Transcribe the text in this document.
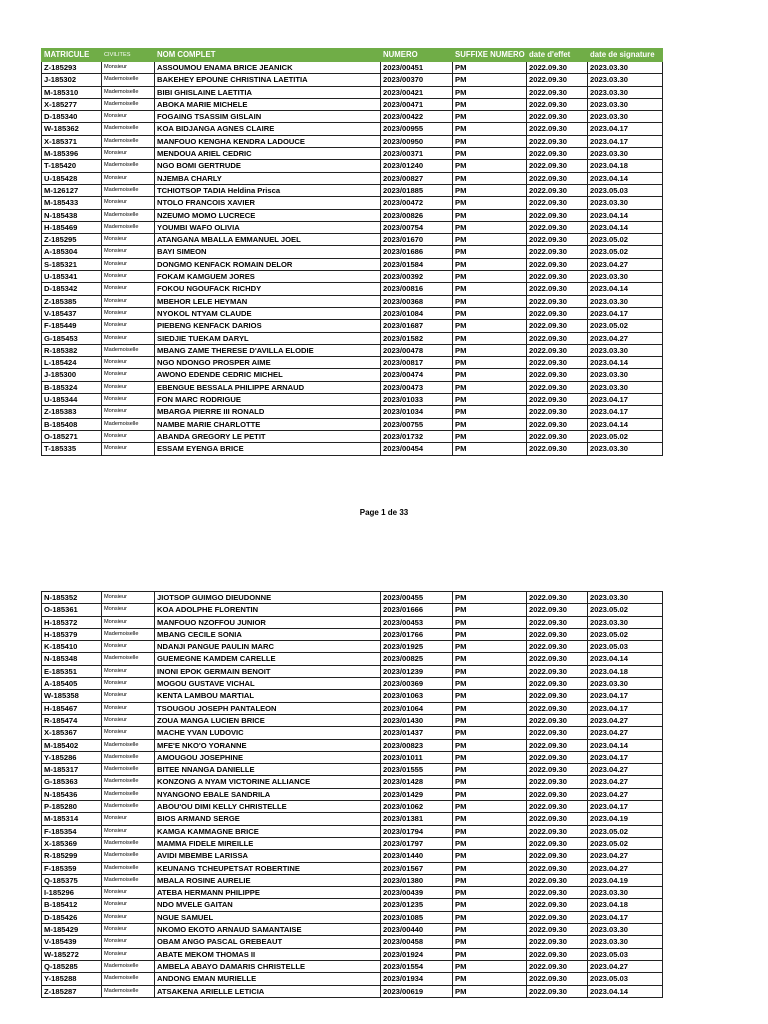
MATRICULE	CIVILITES	NOM COMPLET	NUMERO	SUFFIXE NUMERO	date d'effet	date de signature
Z-185293	Monsieur	ASSOUMOU ENAMA BRICE JEANICK	2023/00451	PM	2022.09.30	2023.03.30
J-185302	Mademoiselle	BAKEHEY EPOUNE CHRISTINA LAETITIA	2023/00370	PM	2022.09.30	2023.03.30
M-185310	Mademoiselle	BIBI GHISLAINE LAETITIA	2023/00421	PM	2022.09.30	2023.03.30
X-185277	Mademoiselle	ABOKA MARIE MICHELE	2023/00471	PM	2022.09.30	2023.03.30
D-185340	Monsieur	FOGAING TSASSIM GISLAIN	2023/00422	PM	2022.09.30	2023.03.30
W-185362	Mademoiselle	KOA BIDJANGA AGNES CLAIRE	2023/00955	PM	2022.09.30	2023.04.17
X-185371	Mademoiselle	MANFOUO KENGHA KENDRA LADOUCE	2023/00950	PM	2022.09.30	2023.04.17
M-185396	Monsieur	MENDOUA ARIEL CEDRIC	2023/00371	PM	2022.09.30	2023.03.30
T-185420	Mademoiselle	NGO BOMI GERTRUDE	2023/01240	PM	2022.09.30	2023.04.18
U-185428	Monsieur	NJEMBA CHARLY	2023/00827	PM	2022.09.30	2023.04.14
M-126127	Mademoiselle	TCHIOTSOP TADIA Heldina Prisca	2023/01885	PM	2022.09.30	2023.05.03
M-185433	Monsieur	NTOLO FRANCOIS XAVIER	2023/00472	PM	2022.09.30	2023.03.30
N-185438	Mademoiselle	NZEUMO MOMO LUCRECE	2023/00826	PM	2022.09.30	2023.04.14
H-185469	Mademoiselle	YOUMBI WAFO OLIVIA	2023/00754	PM	2022.09.30	2023.04.14
Z-185295	Monsieur	ATANGANA MBALLA EMMANUEL JOEL	2023/01670	PM	2022.09.30	2023.05.02
A-185304	Monsieur	BAYI SIMEON	2023/01686	PM	2022.09.30	2023.05.02
S-185321	Monsieur	DONGMO KENFACK ROMAIN DELOR	2023/01584	PM	2022.09.30	2023.04.27
U-185341	Monsieur	FOKAM KAMGUEM JORES	2023/00392	PM	2022.09.30	2023.03.30
D-185342	Monsieur	FOKOU NGOUFACK RICHDY	2023/00816	PM	2022.09.30	2023.04.14
Z-185385	Monsieur	MBEHOR LELE HEYMAN	2023/00368	PM	2022.09.30	2023.03.30
V-185437	Monsieur	NYOKOL NTYAM CLAUDE	2023/01084	PM	2022.09.30	2023.04.17
F-185449	Monsieur	PIEBENG KENFACK DARIOS	2023/01687	PM	2022.09.30	2023.05.02
G-185453	Monsieur	SIEDJIE TUEKAM DARYL	2023/01582	PM	2022.09.30	2023.04.27
R-185382	Mademoiselle	MBANG ZAME THERESE D'AVILLA ELODIE	2023/00478	PM	2022.09.30	2023.03.30
L-185424	Monsieur	NGO NDONGO PROSPER AIME	2023/00817	PM	2022.09.30	2023.04.14
J-185300	Monsieur	AWONO EDENDE CEDRIC MICHEL	2023/00474	PM	2022.09.30	2023.03.30
B-185324	Monsieur	EBENGUE BESSALA PHILIPPE ARNAUD	2023/00473	PM	2022.09.30	2023.03.30
U-185344	Monsieur	FON MARC RODRIGUE	2023/01033	PM	2022.09.30	2023.04.17
Z-185383	Monsieur	MBARGA PIERRE III RONALD	2023/01034	PM	2022.09.30	2023.04.17
B-185408	Mademoiselle	NAMBE MARIE CHARLOTTE	2023/00755	PM	2022.09.30	2023.04.14
O-185271	Monsieur	ABANDA GREGORY LE PETIT	2023/01732	PM	2022.09.30	2023.05.02
T-185335	Monsieur	ESSAM EYENGA BRICE	2023/00454	PM	2022.09.30	2023.03.30
Page 1 de 33
N-185352	Monsieur	JIOTSOP GUIMGO DIEUDONNE	2023/00455	PM	2022.09.30	2023.03.30
O-185361	Monsieur	KOA ADOLPHE FLORENTIN	2023/01666	PM	2022.09.30	2023.05.02
H-185372	Monsieur	MANFOUO NZOFFOU JUNIOR	2023/00453	PM	2022.09.30	2023.03.30
H-185379	Mademoiselle	MBANG CECILE SONIA	2023/01766	PM	2022.09.30	2023.05.02
K-185410	Monsieur	NDANJI PANGUE PAULIN MARC	2023/01925	PM	2022.09.30	2023.05.03
N-185348	Mademoiselle	GUEMEGNE KAMDEM CARELLE	2023/00825	PM	2022.09.30	2023.04.14
E-185351	Monsieur	INONI EPOK GERMAIN BENOIT	2023/01239	PM	2022.09.30	2023.04.18
A-185405	Monsieur	MOGOU GUSTAVE VICHAL	2023/00369	PM	2022.09.30	2023.03.30
W-185358	Monsieur	KENTA LAMBOU MARTIAL	2023/01063	PM	2022.09.30	2023.04.17
H-185467	Monsieur	TSOUGOU JOSEPH PANTALEON	2023/01064	PM	2022.09.30	2023.04.17
R-185474	Monsieur	ZOUA MANGA LUCIEN BRICE	2023/01430	PM	2022.09.30	2023.04.27
X-185367	Monsieur	MACHE YVAN LUDOVIC	2023/01437	PM	2022.09.30	2023.04.27
M-185402	Mademoiselle	MFE'E NKO'O YORANNE	2023/00823	PM	2022.09.30	2023.04.14
Y-185286	Mademoiselle	AMOUGOU JOSEPHINE	2023/01011	PM	2022.09.30	2023.04.17
M-185317	Mademoiselle	BITEE NNANGA DANIELLE	2023/01555	PM	2022.09.30	2023.04.27
G-185363	Mademoiselle	KONZONG A NYAM VICTORINE ALLIANCE	2023/01428	PM	2022.09.30	2023.04.27
N-185436	Mademoiselle	NYANGONO EBALE SANDRILA	2023/01429	PM	2022.09.30	2023.04.27
P-185280	Mademoiselle	ABOU'OU DIMI KELLY CHRISTELLE	2023/01062	PM	2022.09.30	2023.04.17
M-185314	Monsieur	BIOS ARMAND SERGE	2023/01381	PM	2022.09.30	2023.04.19
F-185354	Monsieur	KAMGA KAMMAGNE BRICE	2023/01794	PM	2022.09.30	2023.05.02
X-185369	Mademoiselle	MAMMA FIDELE MIREILLE	2023/01797	PM	2022.09.30	2023.05.02
R-185299	Mademoiselle	AVIDI MBEMBE LARISSA	2023/01440	PM	2022.09.30	2023.04.27
F-185359	Mademoiselle	KEUNANG TCHEUPETSAT ROBERTINE	2023/01567	PM	2022.09.30	2023.04.27
Q-185375	Mademoiselle	MBALA ROSINE AURELIE	2023/01380	PM	2022.09.30	2023.04.19
I-185296	Monsieur	ATEBA HERMANN PHILIPPE	2023/00439	PM	2022.09.30	2023.03.30
B-185412	Monsieur	NDO MVELE GAITAN	2023/01235	PM	2022.09.30	2023.04.18
D-185426	Monsieur	NGUE SAMUEL	2023/01085	PM	2022.09.30	2023.04.17
M-185429	Monsieur	NKOMO EKOTO ARNAUD SAMANTAISE	2023/00440	PM	2022.09.30	2023.03.30
V-185439	Monsieur	OBAM ANGO PASCAL GREBEAUT	2023/00458	PM	2022.09.30	2023.03.30
W-185272	Monsieur	ABATE MEKOM THOMAS II	2023/01924	PM	2022.09.30	2023.05.03
Q-185285	Mademoiselle	AMBELA ABAYO DAMARIS CHRISTELLE	2023/01554	PM	2022.09.30	2023.04.27
Y-185288	Mademoiselle	ANDONG EMAN MURIELLE	2023/01934	PM	2022.09.30	2023.05.03
Z-185287	Mademoiselle	ATSAKENA ARIELLE LETICIA	2023/00619	PM	2022.09.30	2023.04.14
